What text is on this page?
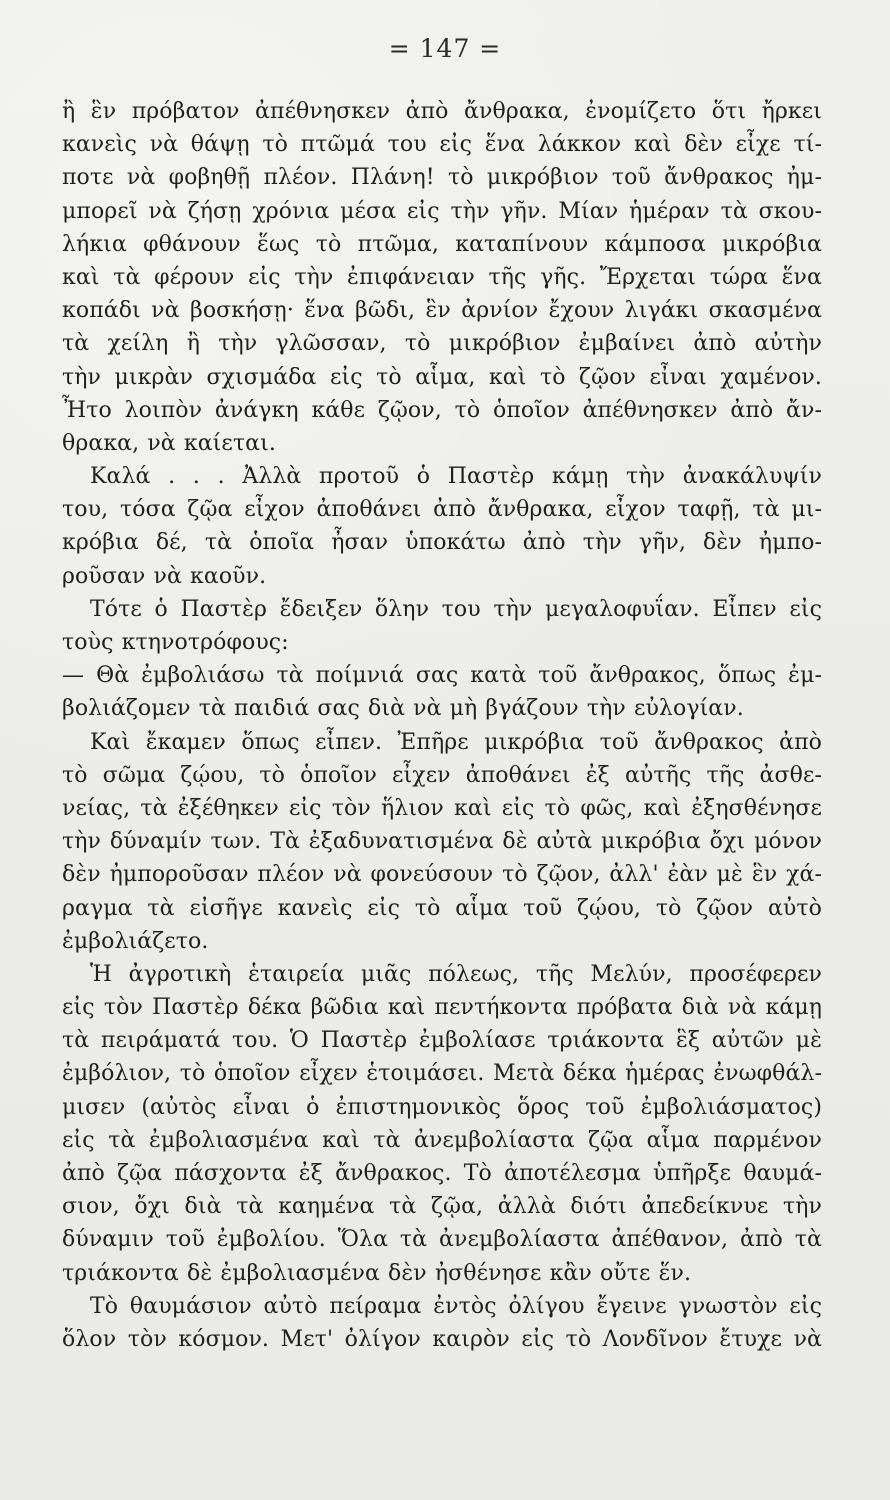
= 147 =
ἢ ἓν πρόβατον ἀπέθνησκεν ἀπὸ ἄνθρακα, ἐνομίζετο ὅτι ἤρκει
κανεὶς νὰ θάψῃ τὸ πτῶμά του εἰς ἕνα λάκκον καὶ δὲν εἶχε τί-
ποτε νὰ φοβηθῇ πλέον. Πλάνη! τὸ μικρόβιον τοῦ ἄνθρακος ἠμ-
μπορεῖ νὰ ζήσῃ χρόνια μέσα εἰς τὴν γῆν. Μίαν ἡμέραν τὰ σκου-
λήκια φθάνουν ἕως τὸ πτῶμα, καταπίνουν κάμποσα μικρόβια
καὶ τὰ φέρουν εἰς τὴν ἐπιφάνειαν τῆς γῆς. Ἔρχεται τώρα ἕνα
κοπάδι νὰ βοσκήσῃ· ἕνα βῶδι, ἓν ἀρνίον ἔχουν λιγάκι σκασμένα
τὰ χείλη ἢ τὴν γλῶσσαν, τὸ μικρόβιον ἐμβαίνει ἀπὸ αὐτὴν
τὴν μικρὰν σχισμάδα εἰς τὸ αἷμα, καὶ τὸ ζῷον εἶναι χαμένον.
Ἦτο λοιπὸν ἀνάγκη κάθε ζῷον, τὸ ὁποῖον ἀπέθνησκεν ἀπὸ ἄν-
θρακα, νὰ καίεται.
Καλά . . . Ἀλλὰ προτοῦ ὁ Παστὲρ κάμῃ τὴν ἀνακάλυψίν
του, τόσα ζῷα εἶχον ἀποθάνει ἀπὸ ἄνθρακα, εἶχον ταφῇ, τὰ μι-
κρόβια δέ, τὰ ὁποῖα ἦσαν ὑποκάτω ἀπὸ τὴν γῆν, δὲν ἠμπο-
ροῦσαν νὰ καοῦν.
Τότε ὁ Παστὲρ ἔδειξεν ὅλην του τὴν μεγαλοφυΐαν. Εἶπεν εἰς
τοὺς κτηνοτρόφους:
— Θὰ ἐμβολιάσω τὰ ποίμνιά σας κατὰ τοῦ ἄνθρακος, ὅπως ἐμ-
βολιάζομεν τὰ παιδιά σας διὰ νὰ μὴ βγάζουν τὴν εὐλογίαν.
Καὶ ἔκαμεν ὅπως εἶπεν. Ἐπῆρε μικρόβια τοῦ ἄνθρακος ἀπὸ
τὸ σῶμα ζῴου, τὸ ὁποῖον εἶχεν ἀποθάνει ἐξ αὐτῆς τῆς ἀσθε-
νείας, τὰ ἐξέθηκεν εἰς τὸν ἥλιον καὶ εἰς τὸ φῶς, καὶ ἐξησθένησε
τὴν δύναμίν των. Τὰ ἐξαδυνατισμένα δὲ αὐτὰ μικρόβια ὄχι μόνον
δὲν ἠμποροῦσαν πλέον νὰ φονεύσουν τὸ ζῷον, ἀλλ' ἐὰν μὲ ἓν χά-
ραγμα τὰ εἰσῆγε κανεὶς εἰς τὸ αἷμα τοῦ ζῴου, τὸ ζῷον αὐτὸ
ἐμβολιάζετο.
Ἡ ἀγροτικὴ ἑταιρεία μιᾶς πόλεως, τῆς Μελύν, προσέφερεν
εἰς τὸν Παστὲρ δέκα βῶδια καὶ πεντήκοντα πρόβατα διὰ νὰ κάμῃ
τὰ πειράματά του. Ὁ Παστὲρ ἐμβολίασε τριάκοντα ἓξ αὐτῶν μὲ
ἐμβόλιον, τὸ ὁποῖον εἶχεν ἑτοιμάσει. Μετὰ δέκα ἡμέρας ἐνωφθάλ-
μισεν (αὐτὸς εἶναι ὁ ἐπιστημονικὸς ὅρος τοῦ ἐμβολιάσματος)
εἰς τὰ ἐμβολιασμένα καὶ τὰ ἀνεμβολίαστα ζῷα αἷμα παρμένον
ἀπὸ ζῷα πάσχοντα ἐξ ἄνθρακος. Τὸ ἀποτέλεσμα ὑπῆρξε θαυμά-
σιον, ὄχι διὰ τὰ καημένα τὰ ζῷα, ἀλλὰ διότι ἀπεδείκνυε τὴν
δύναμιν τοῦ ἐμβολίου. Ὅλα τὰ ἀνεμβολίαστα ἀπέθανον, ἀπὸ τὰ
τριάκοντα δὲ ἐμβολιασμένα δὲν ἠσθένησε κἂν οὔτε ἕν.
Τὸ θαυμάσιον αὐτὸ πείραμα ἐντὸς ὀλίγου ἔγεινε γνωστὸν εἰς
ὅλον τὸν κόσμον. Μετ' ὀλίγον καιρὸν εἰς τὸ Λονδῖνον ἔτυχε νὰ
